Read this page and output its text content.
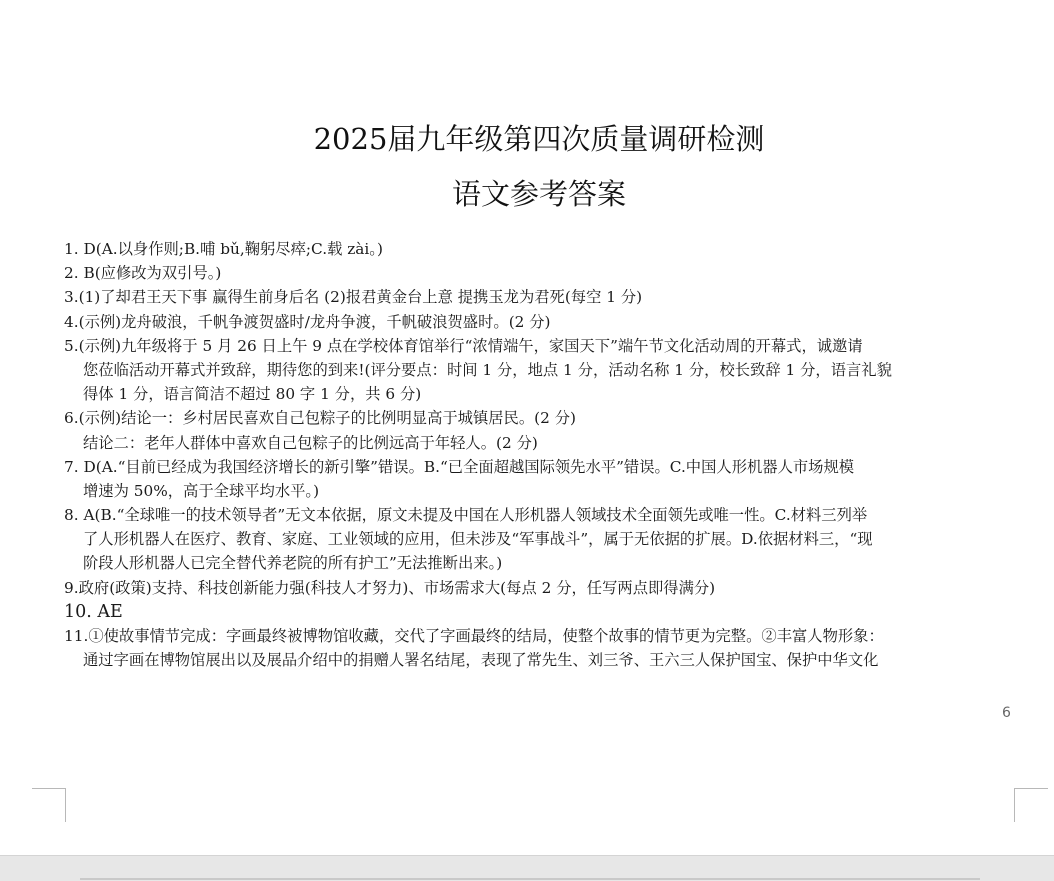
2025届九年级第四次质量调研检测
语文参考答案
1. D(A.以身作则;B.哺 bǔ,鞠躬尽瘁;C.载 zài。)
2. B(应修改为双引号。)
3.(1)了却君王天下事 赢得生前身后名 (2)报君黄金台上意 提携玉龙为君死(每空 1 分)
4.(示例)龙舟破浪，千帆争渡贺盛时/龙舟争渡，千帆破浪贺盛时。(2 分)
5.(示例)九年级将于 5 月 26 日上午 9 点在学校体育馆举行“浓情端午，家国天下”端午节文化活动周的开幕式，诚邀请
您莅临活动开幕式并致辞，期待您的到来!(评分要点：时间 1 分，地点 1 分，活动名称 1 分，校长致辞 1 分，语言礼貌
得体 1 分，语言简洁不超过 80 字 1 分，共 6 分)
6.(示例)结论一：乡村居民喜欢自己包粽子的比例明显高于城镇居民。(2 分)
结论二：老年人群体中喜欢自己包粽子的比例远高于年轻人。(2 分)
7. D(A.“目前已经成为我国经济增长的新引擎”错误。B.“已全面超越国际领先水平”错误。C.中国人形机器人市场规模
增速为 50%，高于全球平均水平。)
8. A(B.“全球唯一的技术领导者”无文本依据，原文未提及中国在人形机器人领域技术全面领先或唯一性。C.材料三列举
了人形机器人在医疗、教育、家庭、工业领域的应用，但未涉及“军事战斗”，属于无依据的扩展。D.依据材料三，“现
阶段人形机器人已完全替代养老院的所有护工”无法推断出来。)
9.政府(政策)支持、科技创新能力强(科技人才努力)、市场需求大(每点 2 分，任写两点即得满分)
10. AE
11.①使故事情节完成：字画最终被博物馆收藏，交代了字画最终的结局，使整个故事的情节更为完整。②丰富人物形象：
通过字画在博物馆展出以及展品介绍中的捐赠人署名结尾，表现了常先生、刘三爷、王六三人保护国宝、保护中华文化
6
